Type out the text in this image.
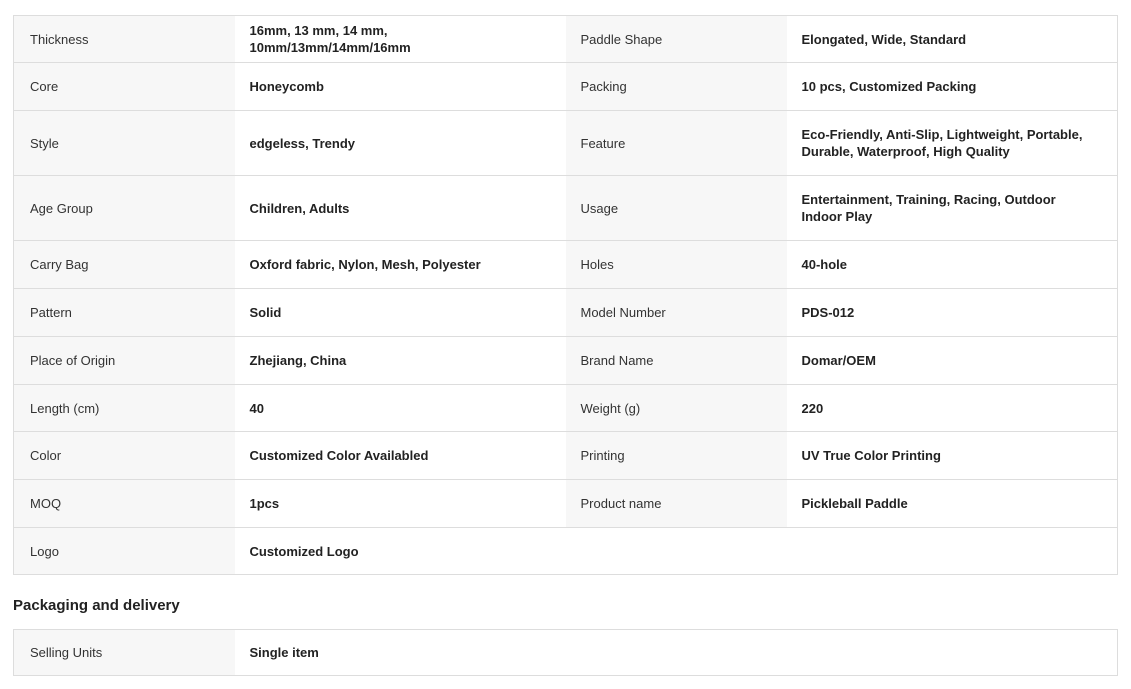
Thickness	16mm, 13 mm, 14 mm, 10mm/13mm/14mm/16mm	Paddle Shape	Elongated, Wide, Standard
Core	Honeycomb	Packing	10 pcs, Customized Packing
Style	edgeless, Trendy	Feature	Eco-Friendly, Anti-Slip, Lightweight, Portable, Durable, Waterproof, High Quality
Age Group	Children, Adults	Usage	Entertainment, Training, Racing, Outdoor Indoor Play
Carry Bag	Oxford fabric, Nylon, Mesh, Polyester	Holes	40-hole
Pattern	Solid	Model Number	PDS-012
Place of Origin	Zhejiang, China	Brand Name	Domar/OEM
Length (cm)	40	Weight (g)	220
Color	Customized Color Availabled	Printing	UV True Color Printing
MOQ	1pcs	Product name	Pickleball Paddle
Logo	Customized Logo		
Packaging and delivery
Selling Units	Single item		
